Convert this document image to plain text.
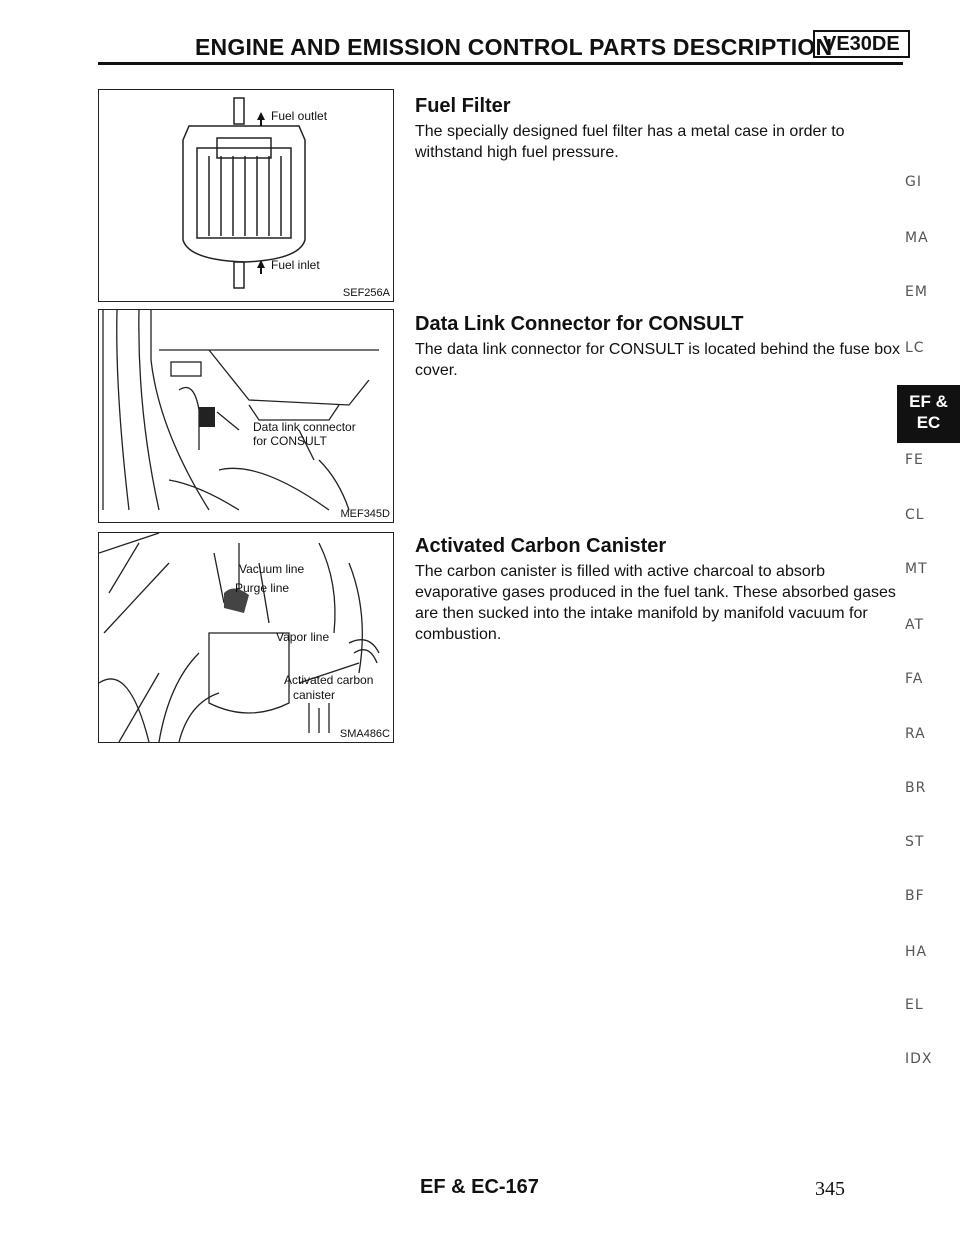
ENGINE AND EMISSION CONTROL PARTS DESCRIPTION
VE30DE
Fuel outlet
Fuel inlet
SEF256A
Data link connector
for CONSULT
MEF345D
Vacuum line
Purge line
Vapor line
Activated carbon
canister
SMA486C
Fuel Filter
The specially designed fuel filter has a metal case in order to withstand high fuel pressure.
Data Link Connector for CONSULT
The data link connector for CONSULT is located behind the fuse box cover.
Activated Carbon Canister
The carbon canister is filled with active charcoal to absorb evaporative gases produced in the fuel tank. These absorbed gases are then sucked into the intake manifold by manifold vacuum for combustion.
GI
MA
EM
LC
EF &
EC
FE
CL
MT
AT
FA
RA
BR
ST
BF
HA
EL
IDX
EF & EC-167	345
